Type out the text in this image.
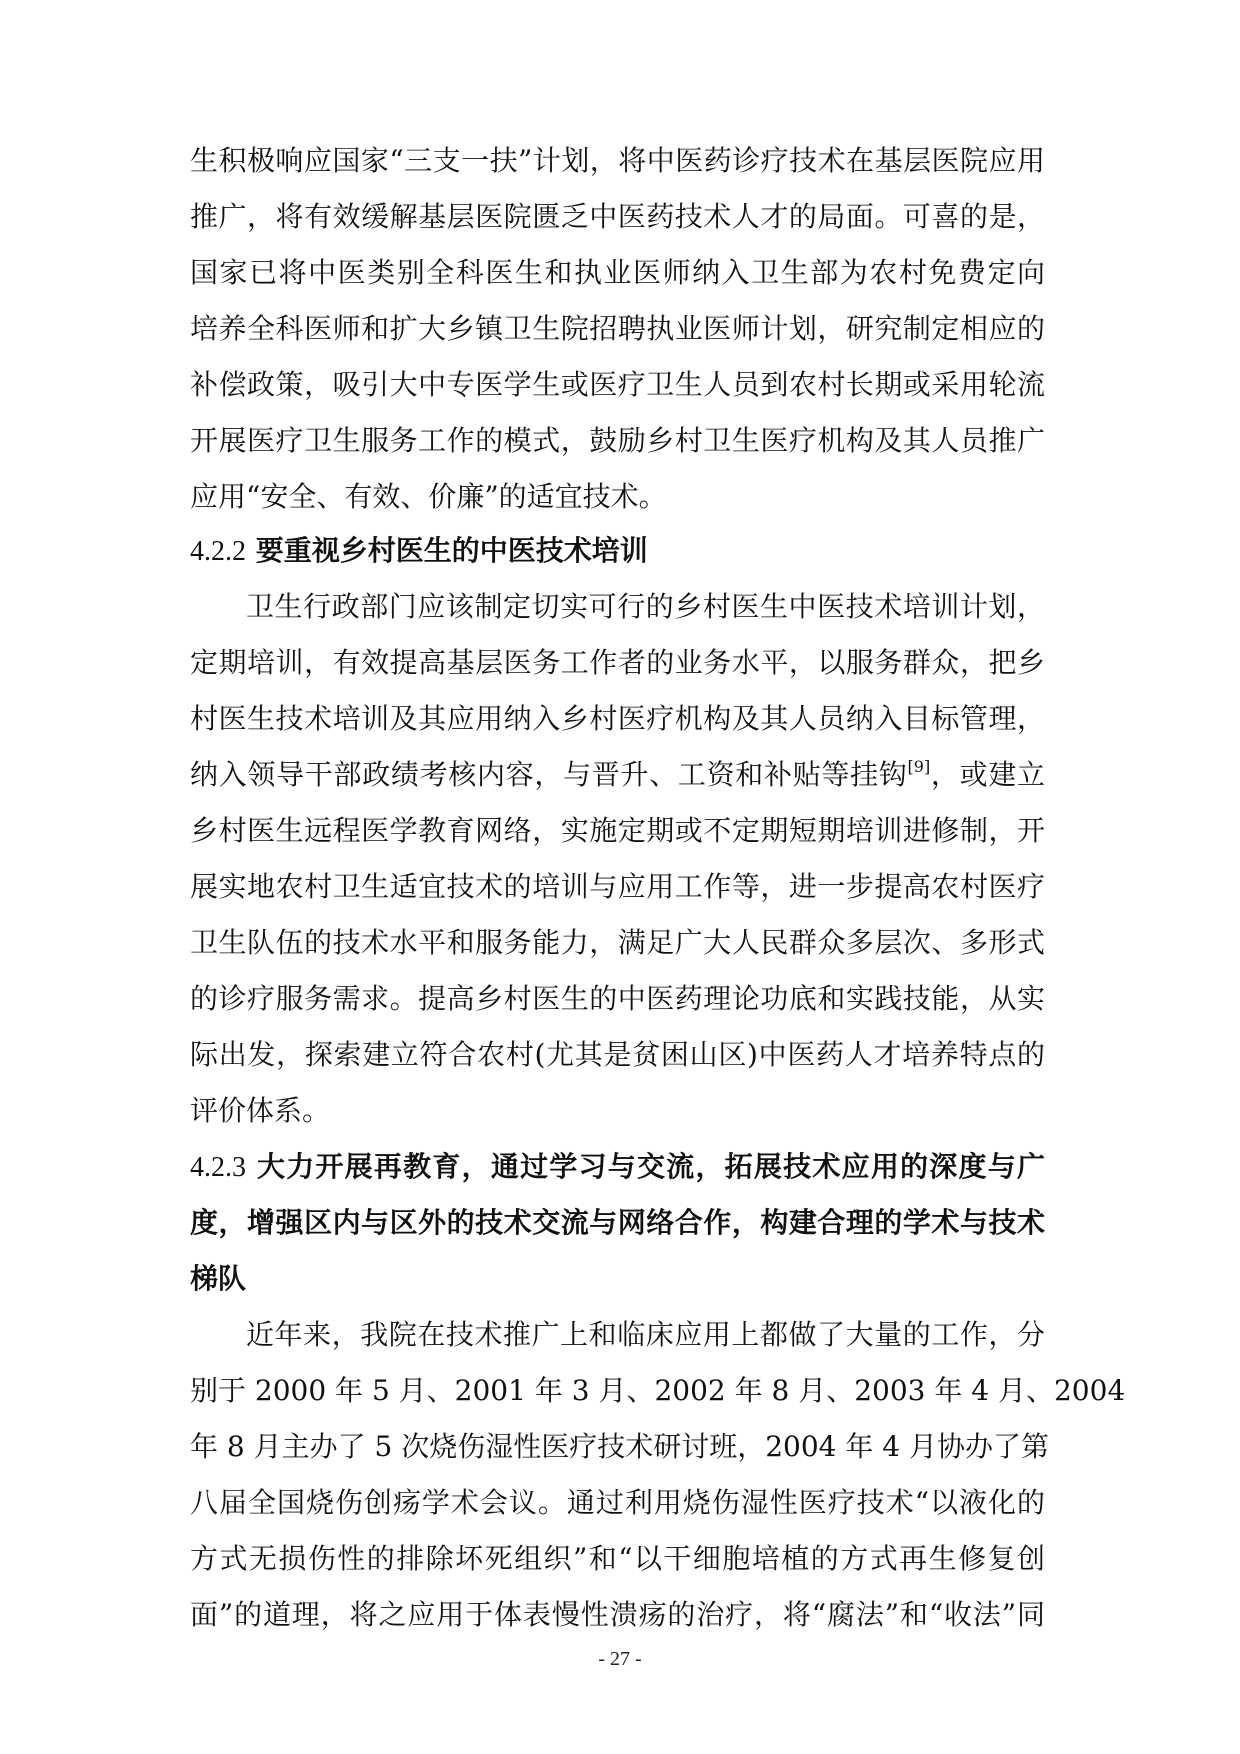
生积极响应国家“三支一扶”计划，将中医药诊疗技术在基层医院应用
推广，将有效缓解基层医院匮乏中医药技术人才的局面。可喜的是，
国家已将中医类别全科医生和执业医师纳入卫生部为农村免费定向
培养全科医师和扩大乡镇卫生院招聘执业医师计划，研究制定相应的
补偿政策，吸引大中专医学生或医疗卫生人员到农村长期或采用轮流
开展医疗卫生服务工作的模式，鼓励乡村卫生医疗机构及其人员推广
应用“安全、有效、价廉”的适宜技术。
4.2.2 要重视乡村医生的中医技术培训
卫生行政部门应该制定切实可行的乡村医生中医技术培训计划，
定期培训，有效提高基层医务工作者的业务水平，以服务群众，把乡
村医生技术培训及其应用纳入乡村医疗机构及其人员纳入目标管理，
纳入领导干部政绩考核内容，与晋升、工资和补贴等挂钩[9]，或建立
乡村医生远程医学教育网络，实施定期或不定期短期培训进修制，开
展实地农村卫生适宜技术的培训与应用工作等，进一步提高农村医疗
卫生队伍的技术水平和服务能力，满足广大人民群众多层次、多形式
的诊疗服务需求。提高乡村医生的中医药理论功底和实践技能，从实
际出发，探索建立符合农村(尤其是贫困山区)中医药人才培养特点的
评价体系。
4.2.3 大力开展再教育，通过学习与交流，拓展技术应用的深度与广
度，增强区内与区外的技术交流与网络合作，构建合理的学术与技术
梯队
近年来，我院在技术推广上和临床应用上都做了大量的工作，分
别于 2000 年 5 月、2001 年 3 月、2002 年 8 月、2003 年 4 月、2004
年 8 月主办了 5 次烧伤湿性医疗技术研讨班，2004 年 4 月协办了第
八届全国烧伤创疡学术会议。通过利用烧伤湿性医疗技术“以液化的
方式无损伤性的排除坏死组织”和“以干细胞培植的方式再生修复创
面”的道理，将之应用于体表慢性溃疡的治疗，将“腐法”和“收法”同
- 27 -
